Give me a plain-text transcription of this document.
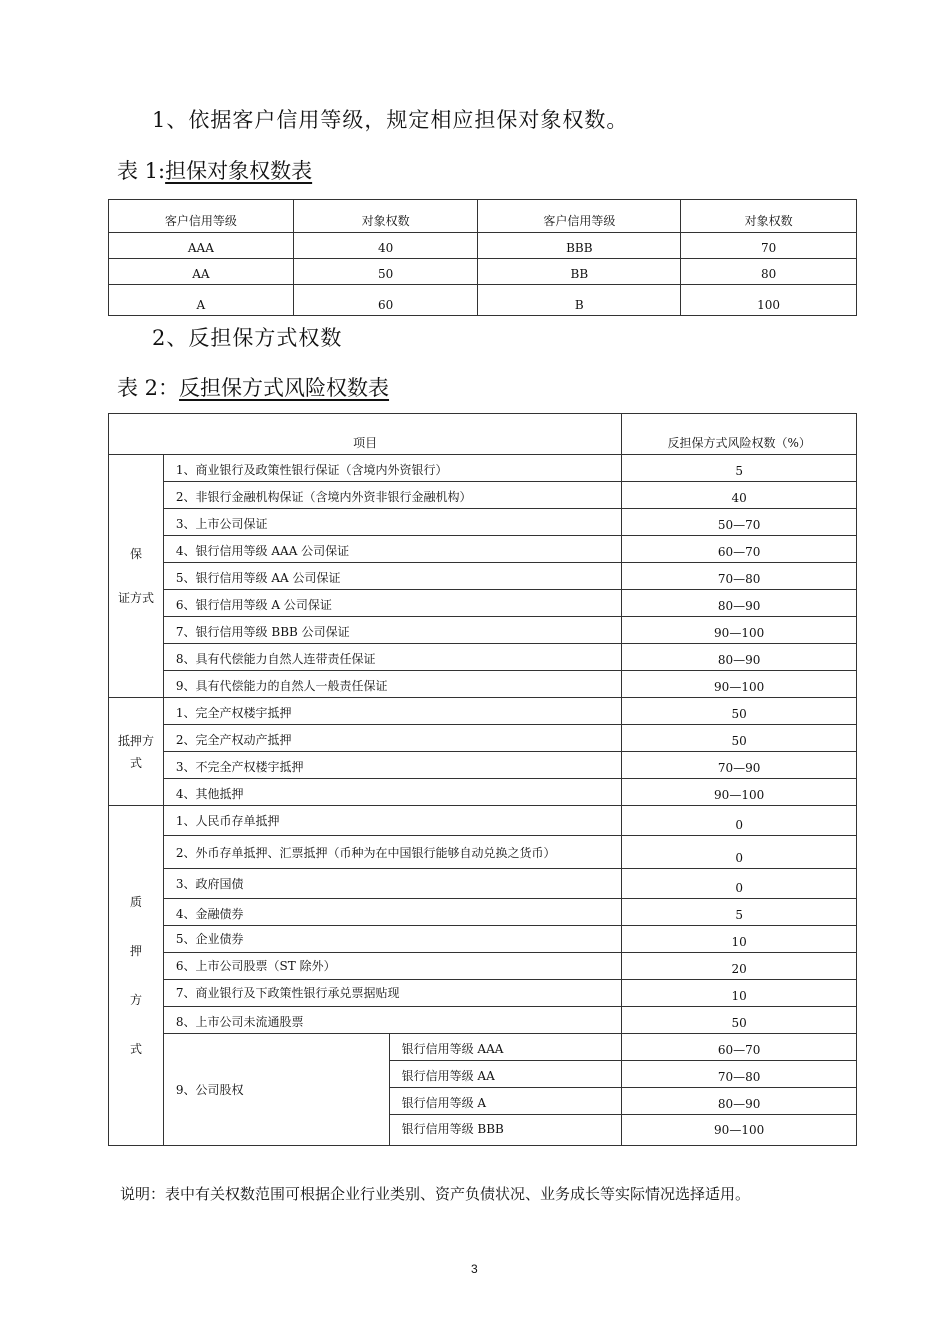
1、依据客户信用等级，规定相应担保对象权数。
表 1:担保对象权数表
客户信用等级	对象权数	客户信用等级	对象权数
AAA	40	BBB	70
AA	50	BB	80
A	60	B	100
2、反担保方式权数
表 2：反担保方式风险权数表
项目			反担保方式风险权数（%）

保
证方式	1、商业银行及政策性银行保证（含境内外资银行）		5
	2、非银行金融机构保证（含境内外资非银行金融机构）		40
	3、上市公司保证		50—70
	4、银行信用等级 AAA 公司保证		60—70
	5、银行信用等级 AA 公司保证		70—80
	6、银行信用等级 A 公司保证		80—90
	7、银行信用等级 BBB 公司保证		90—100
	8、具有代偿能力自然人连带责任保证		80—90
	9、具有代偿能力的自然人一般责任保证		90—100

抵押方
式	1、完全产权楼宇抵押		50
	2、完全产权动产抵押		50
	3、不完全产权楼宇抵押		70—90
	4、其他抵押		90—100

质
押
方
式	1、人民币存单抵押		0
	2、外币存单抵押、汇票抵押（币种为在中国银行能够自动兑换之货币）		0
	3、政府国债		0
	4、金融债券		5
	5、企业债券		10
	6、上市公司股票（ST 除外）		20
	7、商业银行及下政策性银行承兑票据贴现		10
	8、上市公司未流通股票		50
	9、公司股权	银行信用等级 AAA	60—70
		银行信用等级 AA	70—80
		银行信用等级 A	80—90
		银行信用等级 BBB	90—100
说明：表中有关权数范围可根据企业行业类别、资产负债状况、业务成长等实际情况选择适用。
3
